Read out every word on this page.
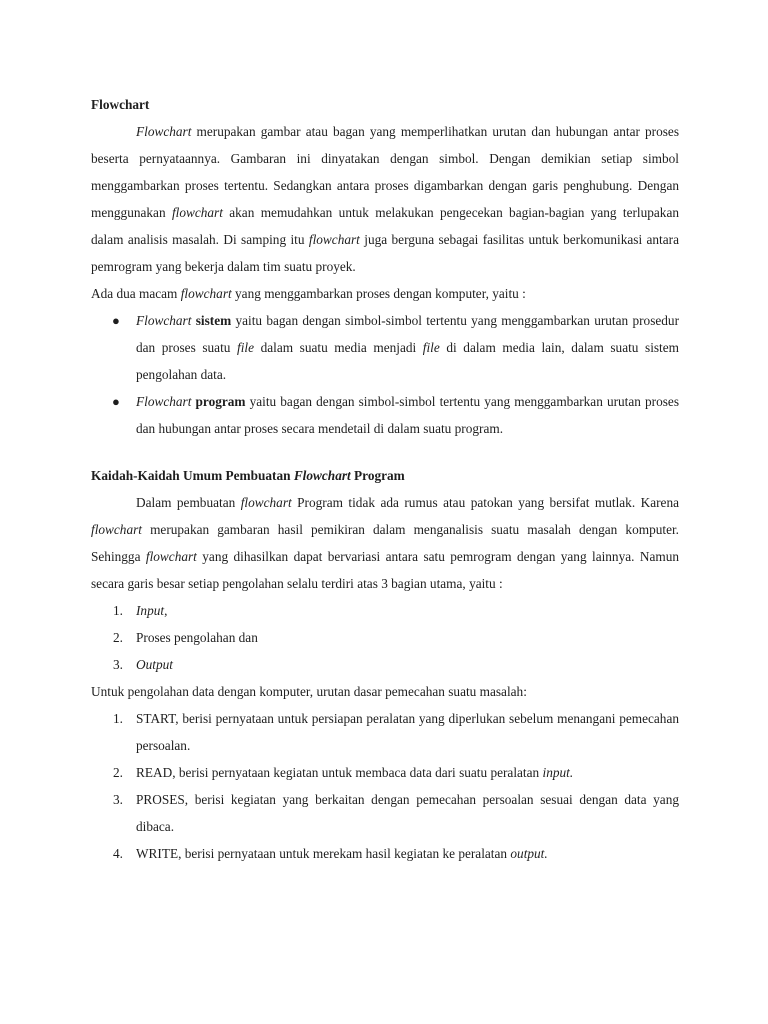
Flowchart

Flowchart merupakan gambar atau bagan yang memperlihatkan urutan dan hubungan antar proses beserta pernyataannya. Gambaran ini dinyatakan dengan simbol. Dengan demikian setiap simbol menggambarkan proses tertentu. Sedangkan antara proses digambarkan dengan garis penghubung. Dengan menggunakan flowchart akan memudahkan untuk melakukan pengecekan bagian-bagian yang terlupakan dalam analisis masalah. Di samping itu flowchart juga berguna sebagai fasilitas untuk berkomunikasi antara pemrogram yang bekerja dalam tim suatu proyek.

Ada dua macam flowchart yang menggambarkan proses dengan komputer, yaitu :

● Flowchart sistem yaitu bagan dengan simbol-simbol tertentu yang menggambarkan urutan prosedur dan proses suatu file dalam suatu media menjadi file di dalam media lain, dalam suatu sistem pengolahan data.
● Flowchart program yaitu bagan dengan simbol-simbol tertentu yang menggambarkan urutan proses dan hubungan antar proses secara mendetail di dalam suatu program.

Kaidah-Kaidah Umum Pembuatan Flowchart Program

Dalam pembuatan flowchart Program tidak ada rumus atau patokan yang bersifat mutlak. Karena flowchart merupakan gambaran hasil pemikiran dalam menganalisis suatu masalah dengan komputer. Sehingga flowchart yang dihasilkan dapat bervariasi antara satu pemrogram dengan yang lainnya. Namun secara garis besar setiap pengolahan selalu terdiri atas 3 bagian utama, yaitu :

1. Input,
2. Proses pengolahan dan
3. Output

Untuk pengolahan data dengan komputer, urutan dasar pemecahan suatu masalah:

1. START, berisi pernyataan untuk persiapan peralatan yang diperlukan sebelum menangani pemecahan persoalan.
2. READ, berisi pernyataan kegiatan untuk membaca data dari suatu peralatan input.
3. PROSES, berisi kegiatan yang berkaitan dengan pemecahan persoalan sesuai dengan data yang dibaca.
4. WRITE, berisi pernyataan untuk merekam hasil kegiatan ke peralatan output.
